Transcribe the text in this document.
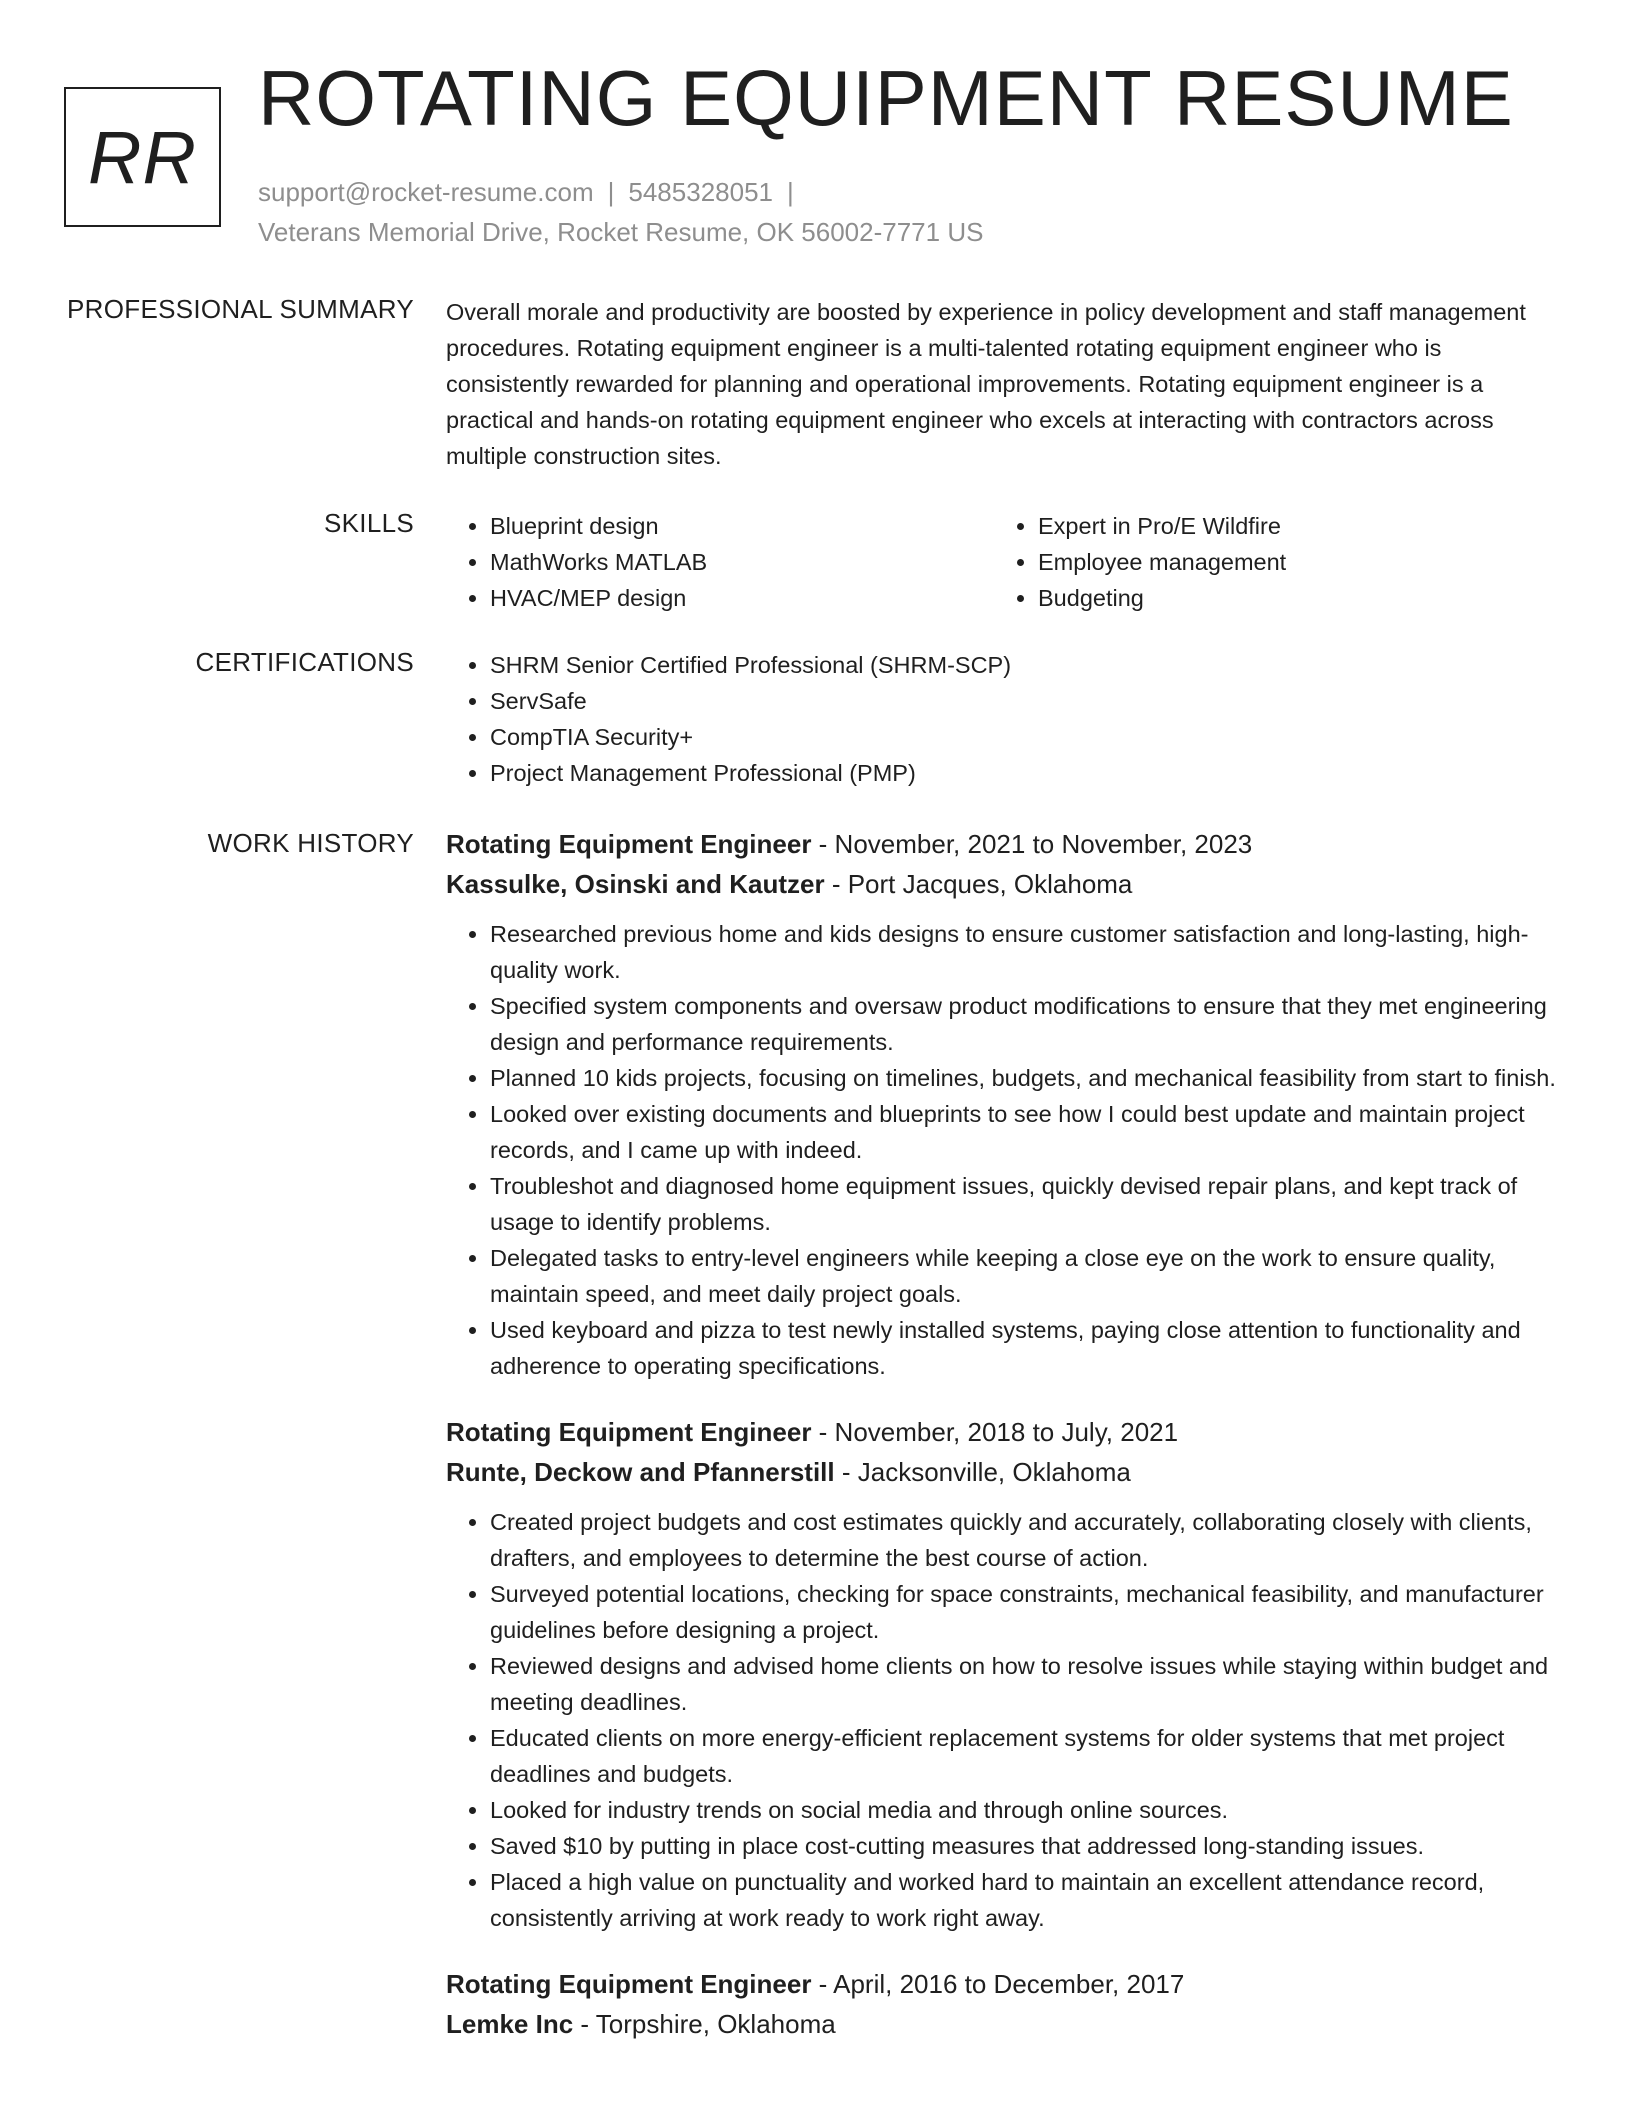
RR
ROTATING EQUIPMENT RESUME
support@rocket-resume.com | 5485328051 |
Veterans Memorial Drive, Rocket Resume, OK 56002-7771 US
PROFESSIONAL SUMMARY Overall morale and productivity are boosted by experience in policy development and staff management procedures. Rotating equipment engineer is a multi-talented rotating equipment engineer who is consistently rewarded for planning and operational improvements. Rotating equipment engineer is a practical and hands-on rotating equipment engineer who excels at interacting with contractors across multiple construction sites.

SKILLS	• Blueprint design
• MathWorks MATLAB
• HVAC/MEP design
• Expert in Pro/E Wildfire
• Employee management
• Budgeting
CERTIFICATIONS	• SHRM Senior Certified Professional (SHRM-SCP)
• ServSafe
• CompTIA Security+
• Project Management Professional (PMP)
WORK HISTORY Rotating Equipment Engineer - November, 2021 to November, 2023
Kassulke, Osinski and Kautzer - Port Jacques, Oklahoma
• Researched previous home and kids designs to ensure customer satisfaction and long-lasting, high-quality work.
• Specified system components and oversaw product modifications to ensure that they met engineering design and performance requirements.
• Planned 10 kids projects, focusing on timelines, budgets, and mechanical feasibility from start to finish.
• Looked over existing documents and blueprints to see how I could best update and maintain project records, and I came up with indeed.
• Troubleshot and diagnosed home equipment issues, quickly devised repair plans, and kept track of usage to identify problems.
• Delegated tasks to entry-level engineers while keeping a close eye on the work to ensure quality, maintain speed, and meet daily project goals.
• Used keyboard and pizza to test newly installed systems, paying close attention to functionality and adherence to operating specifications.
Rotating Equipment Engineer - November, 2018 to July, 2021
Runte, Deckow and Pfannerstill - Jacksonville, Oklahoma
• Created project budgets and cost estimates quickly and accurately, collaborating closely with clients, drafters, and employees to determine the best course of action.
• Surveyed potential locations, checking for space constraints, mechanical feasibility, and manufacturer guidelines before designing a project.
• Reviewed designs and advised home clients on how to resolve issues while staying within budget and meeting deadlines.
• Educated clients on more energy-efficient replacement systems for older systems that met project deadlines and budgets.
• Looked for industry trends on social media and through online sources.
• Saved $10 by putting in place cost-cutting measures that addressed long-standing issues.
• Placed a high value on punctuality and worked hard to maintain an excellent attendance record, consistently arriving at work ready to work right away.
Rotating Equipment Engineer - April, 2016 to December, 2017
Lemke Inc - Torpshire, Oklahoma
